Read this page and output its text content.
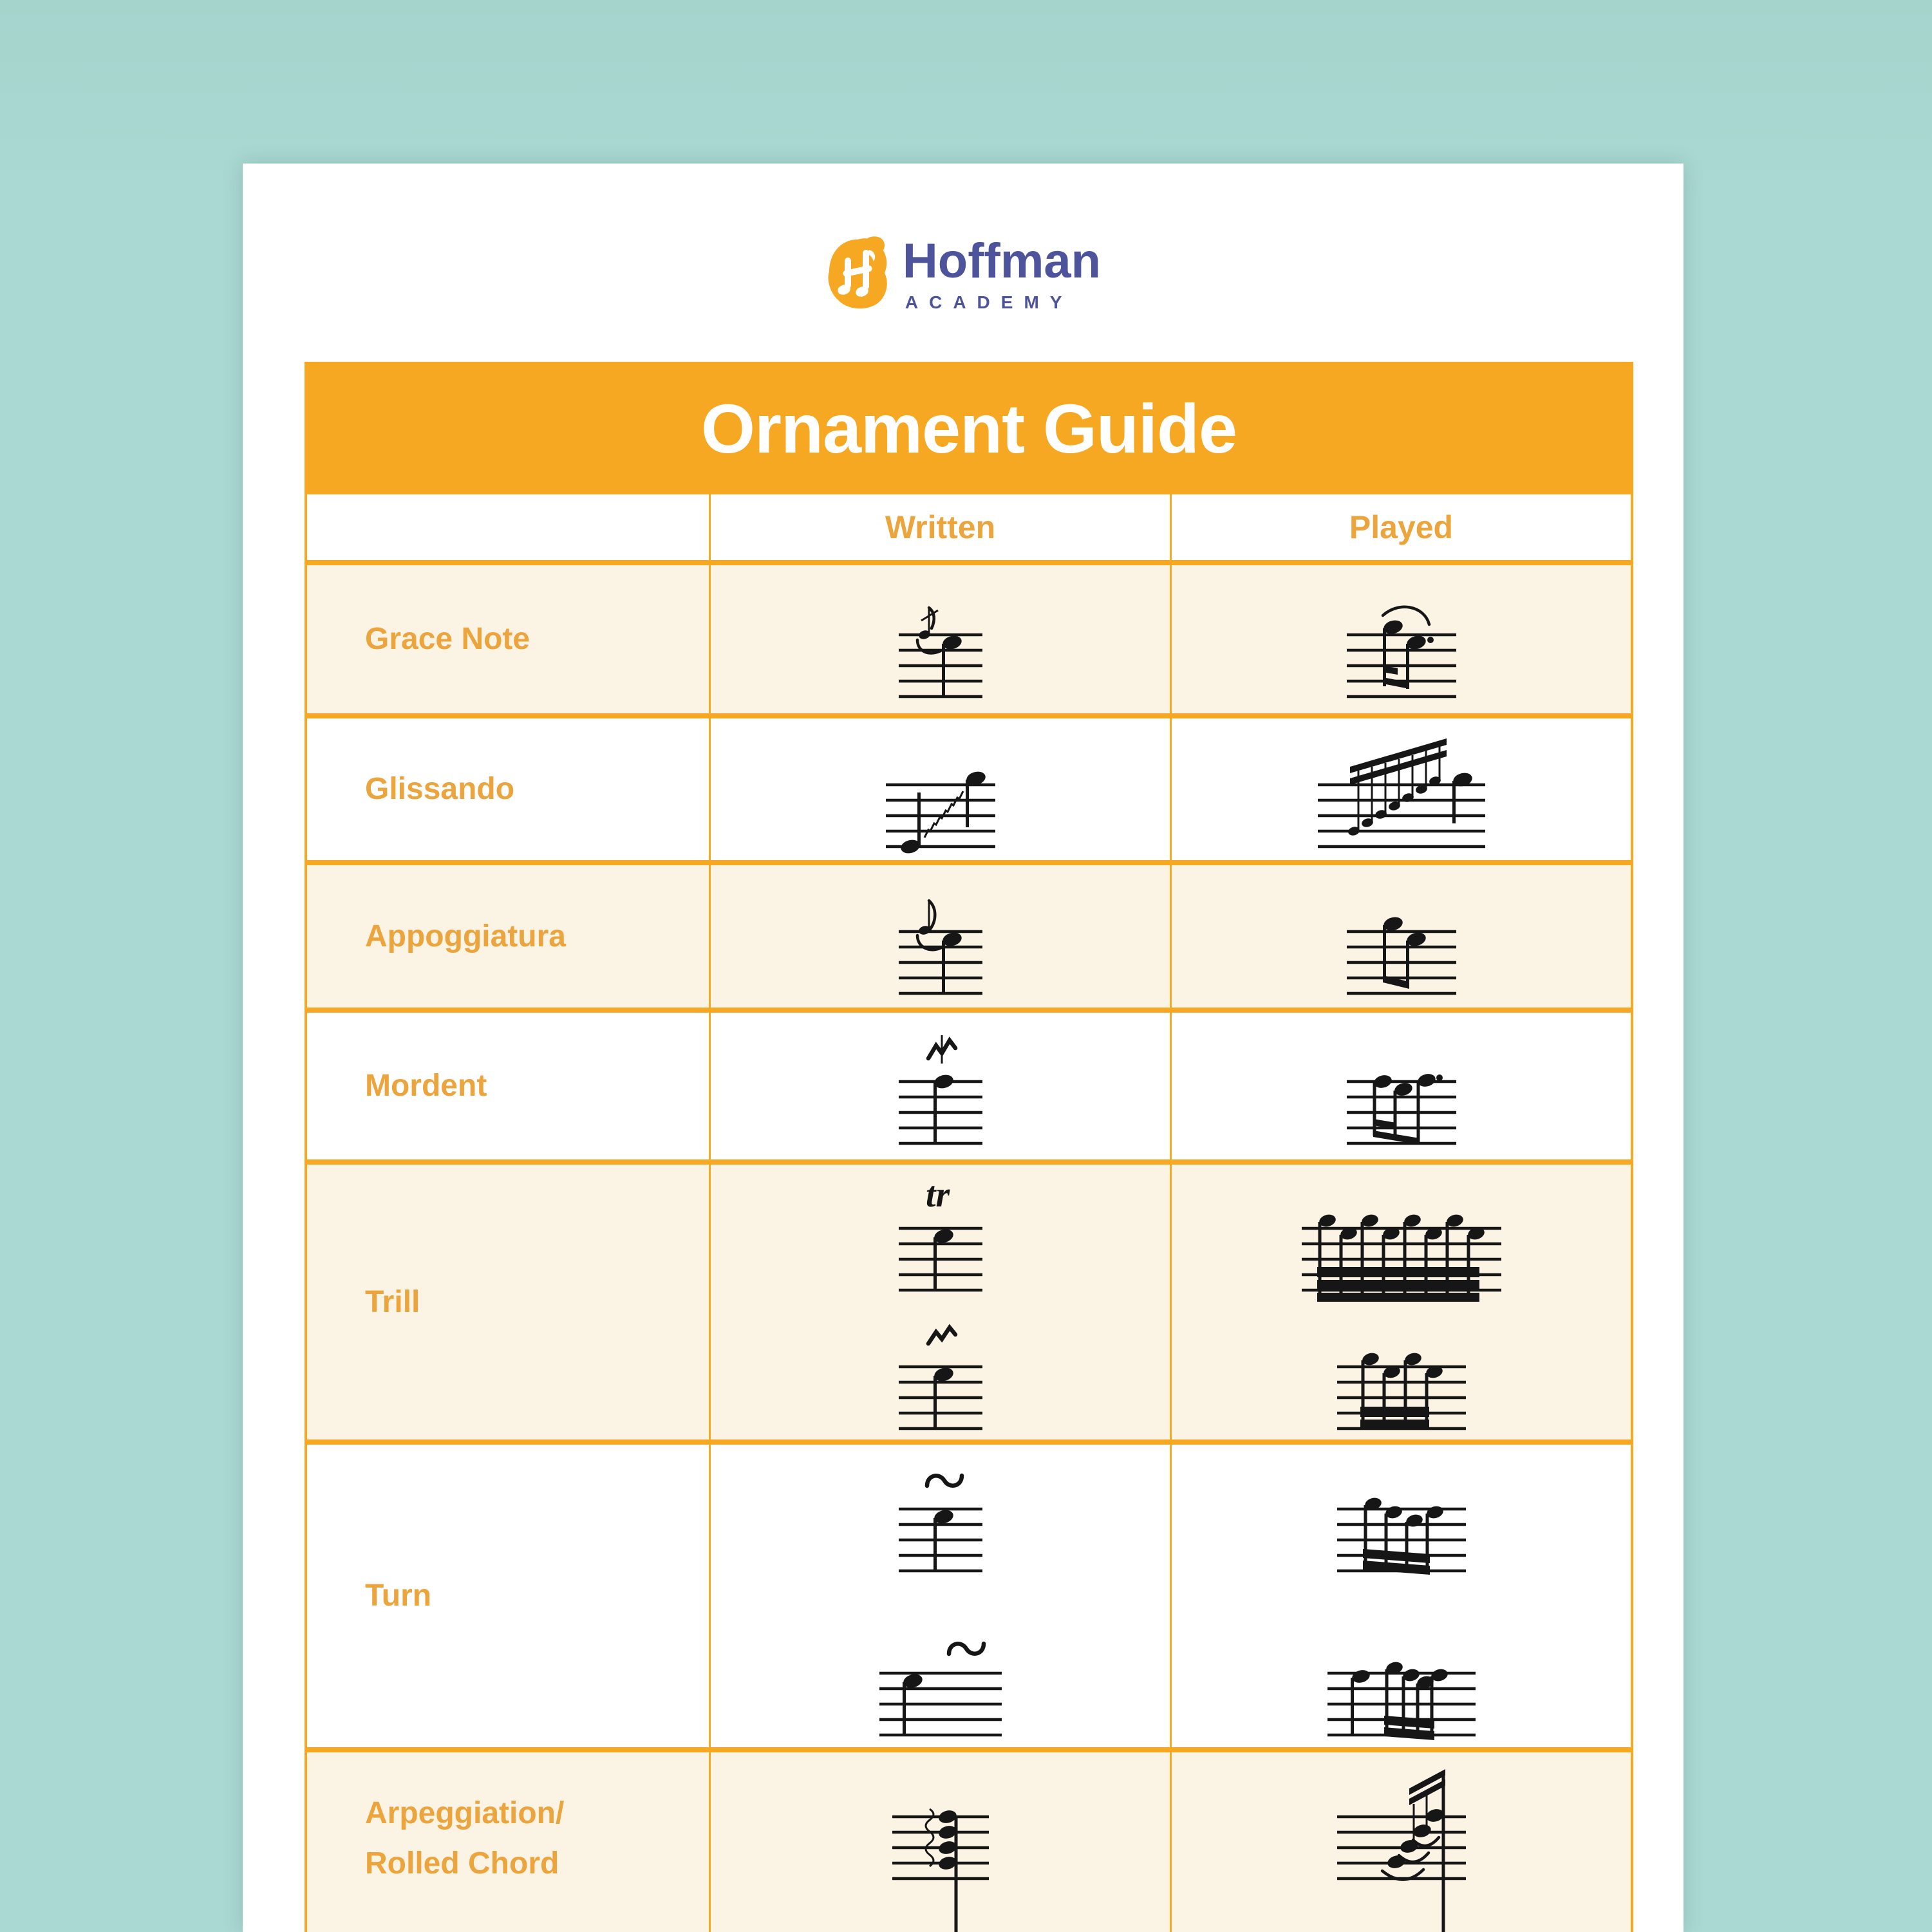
Hoffman
ACADEMY
Ornament Guide
Written	Played
Grace Note
Glissando
Appoggiatura
Mordent
Trill
tr
Turn
Arpeggiation/
Rolled Chord
